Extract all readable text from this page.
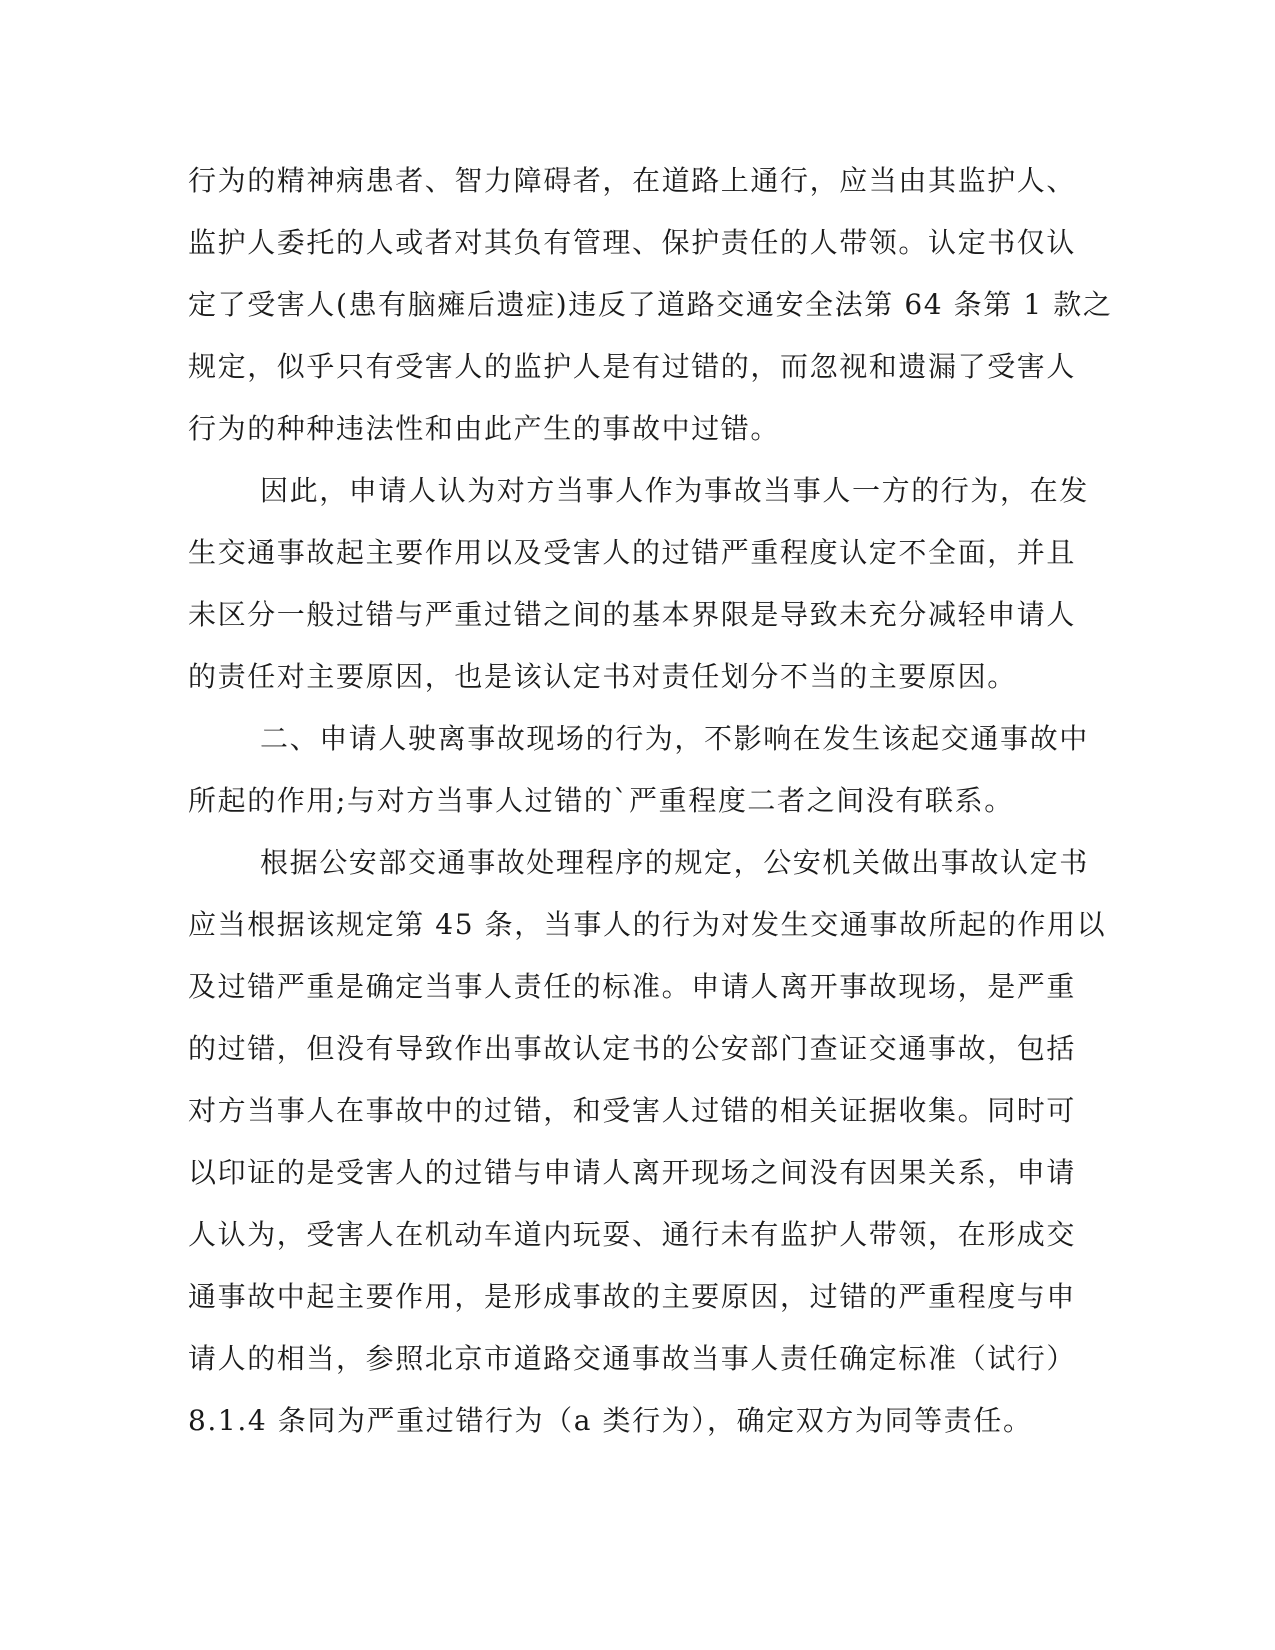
行为的精神病患者、智力障碍者，在道路上通行，应当由其监护人、
监护人委托的人或者对其负有管理、保护责任的人带领。认定书仅认
定了受害人(患有脑瘫后遗症)违反了道路交通安全法第 64 条第 1 款之
规定，似乎只有受害人的监护人是有过错的，而忽视和遗漏了受害人
行为的种种违法性和由此产生的事故中过错。

因此，申请人认为对方当事人作为事故当事人一方的行为，在发
生交通事故起主要作用以及受害人的过错严重程度认定不全面，并且
未区分一般过错与严重过错之间的基本界限是导致未充分减轻申请人
的责任对主要原因，也是该认定书对责任划分不当的主要原因。

二、申请人驶离事故现场的行为，不影响在发生该起交通事故中
所起的作用;与对方当事人过错的`严重程度二者之间没有联系。

根据公安部交通事故处理程序的规定，公安机关做出事故认定书
应当根据该规定第 45 条，当事人的行为对发生交通事故所起的作用以
及过错严重是确定当事人责任的标准。申请人离开事故现场，是严重
的过错，但没有导致作出事故认定书的公安部门查证交通事故，包括
对方当事人在事故中的过错，和受害人过错的相关证据收集。同时可
以印证的是受害人的过错与申请人离开现场之间没有因果关系，申请
人认为，受害人在机动车道内玩耍、通行未有监护人带领，在形成交
通事故中起主要作用，是形成事故的主要原因，过错的严重程度与申
请人的相当，参照北京市道路交通事故当事人责任确定标准（试行）
8.1.4 条同为严重过错行为（a 类行为），确定双方为同等责任。
